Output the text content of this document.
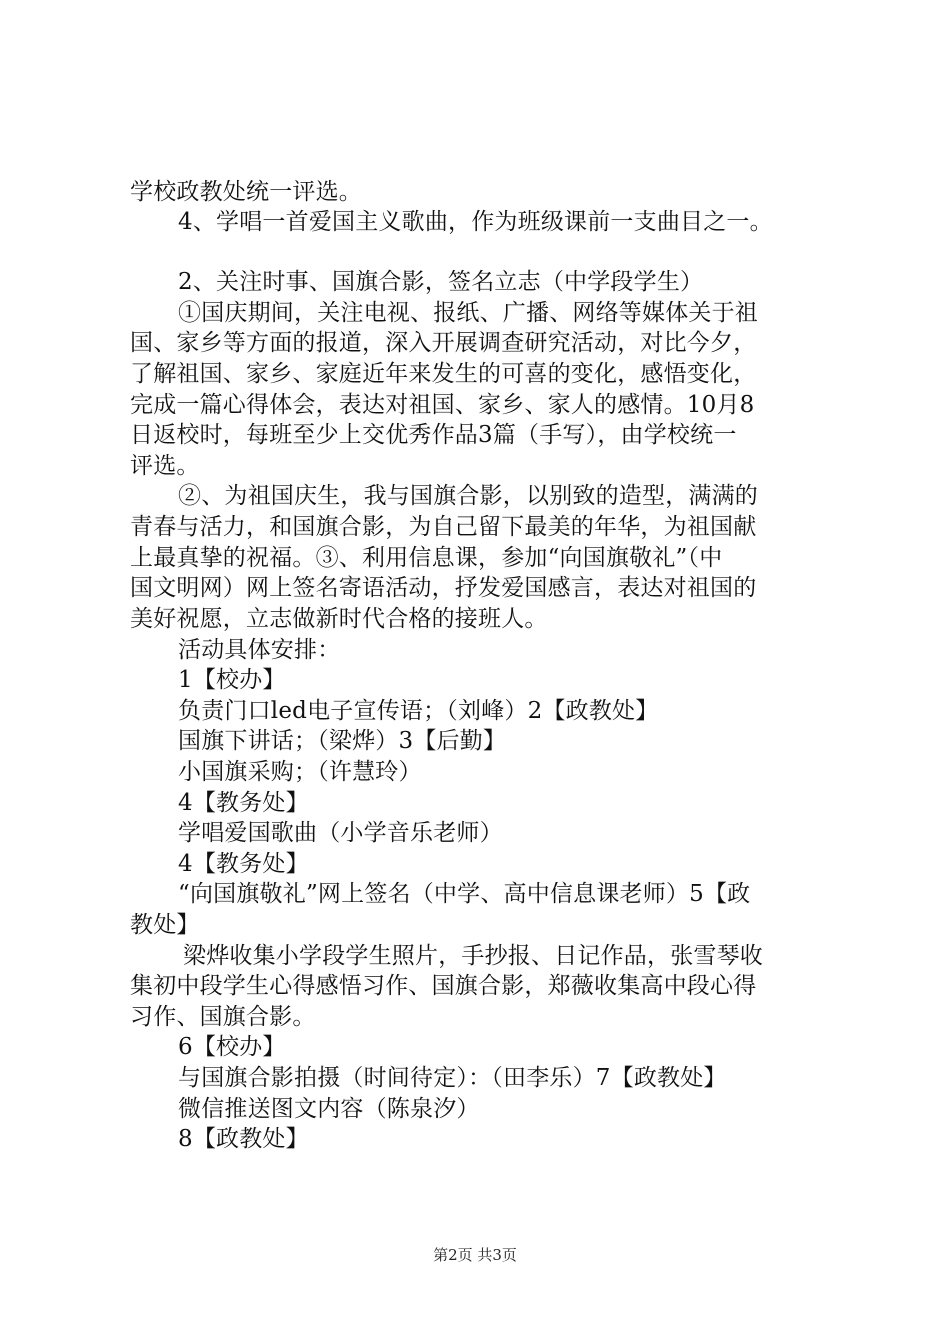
学校政教处统一评选。
4、学唱一首爱国主义歌曲，作为班级课前一支曲目之一。
2、关注时事、国旗合影，签名立志（中学段学生）
①国庆期间，关注电视、报纸、广播、网络等媒体关于祖
国、家乡等方面的报道，深入开展调查研究活动，对比今夕，
了解祖国、家乡、家庭近年来发生的可喜的变化，感悟变化，
完成一篇心得体会，表达对祖国、家乡、家人的感情。10月8
日返校时，每班至少上交优秀作品3篇（手写），由学校统一
评选。
②、为祖国庆生，我与国旗合影，以别致的造型，满满的
青春与活力，和国旗合影，为自己留下最美的年华，为祖国献
上最真挚的祝福。③、利用信息课，参加“向国旗敬礼”（中
国文明网）网上签名寄语活动，抒发爱国感言，表达对祖国的
美好祝愿，立志做新时代合格的接班人。
活动具体安排：
1【校办】
负责门口led电子宣传语；（刘峰）2【政教处】
国旗下讲话；（梁烨）3【后勤】
小国旗采购；（许慧玲）
4【教务处】
学唱爱国歌曲（小学音乐老师）
4【教务处】
“向国旗敬礼”网上签名（中学、高中信息课老师）5【政
教处】
梁烨收集小学段学生照片，手抄报、日记作品，张雪琴收
集初中段学生心得感悟习作、国旗合影，郑薇收集高中段心得
习作、国旗合影。
6【校办】
与国旗合影拍摄（时间待定）：（田李乐）7【政教处】
微信推送图文内容（陈泉汐）
8【政教处】
第2页 共3页
